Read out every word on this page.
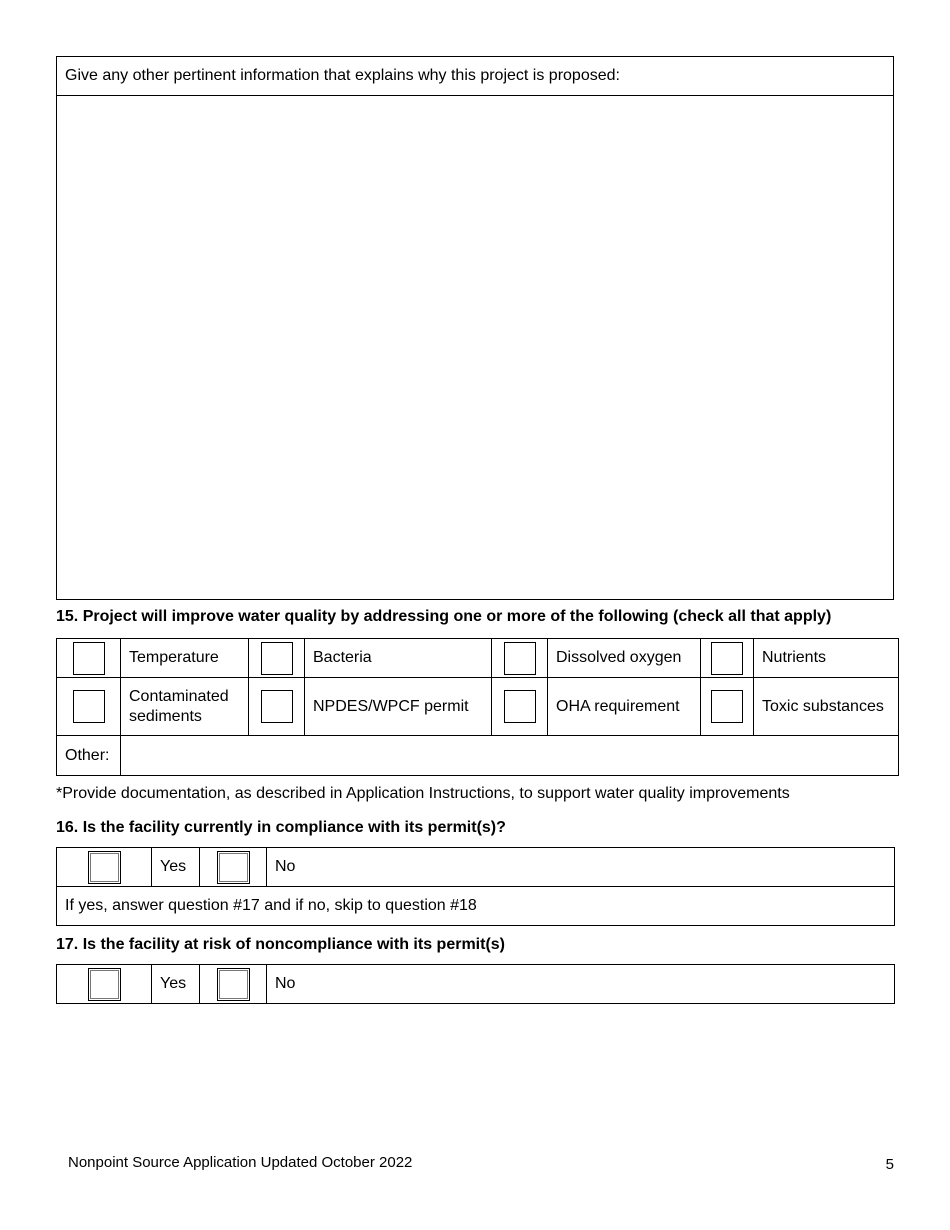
Give any other pertinent information that explains why this project is proposed:

15. Project will improve water quality by addressing one or more of the following (check all that apply)
	Temperature		Bacteria		Dissolved oxygen		Nutrients
	Contaminated sediments		NPDES/WPCF permit		OHA requirement		Toxic substances
Other:							
*Provide documentation, as described in Application Instructions, to support water quality improvements
16. Is the facility currently in compliance with its permit(s)?
	Yes		No
If yes, answer question #17 and if no, skip to question #18
17. Is the facility at risk of noncompliance with its permit(s)
	Yes		No
Nonpoint Source Application Updated October 2022	5
